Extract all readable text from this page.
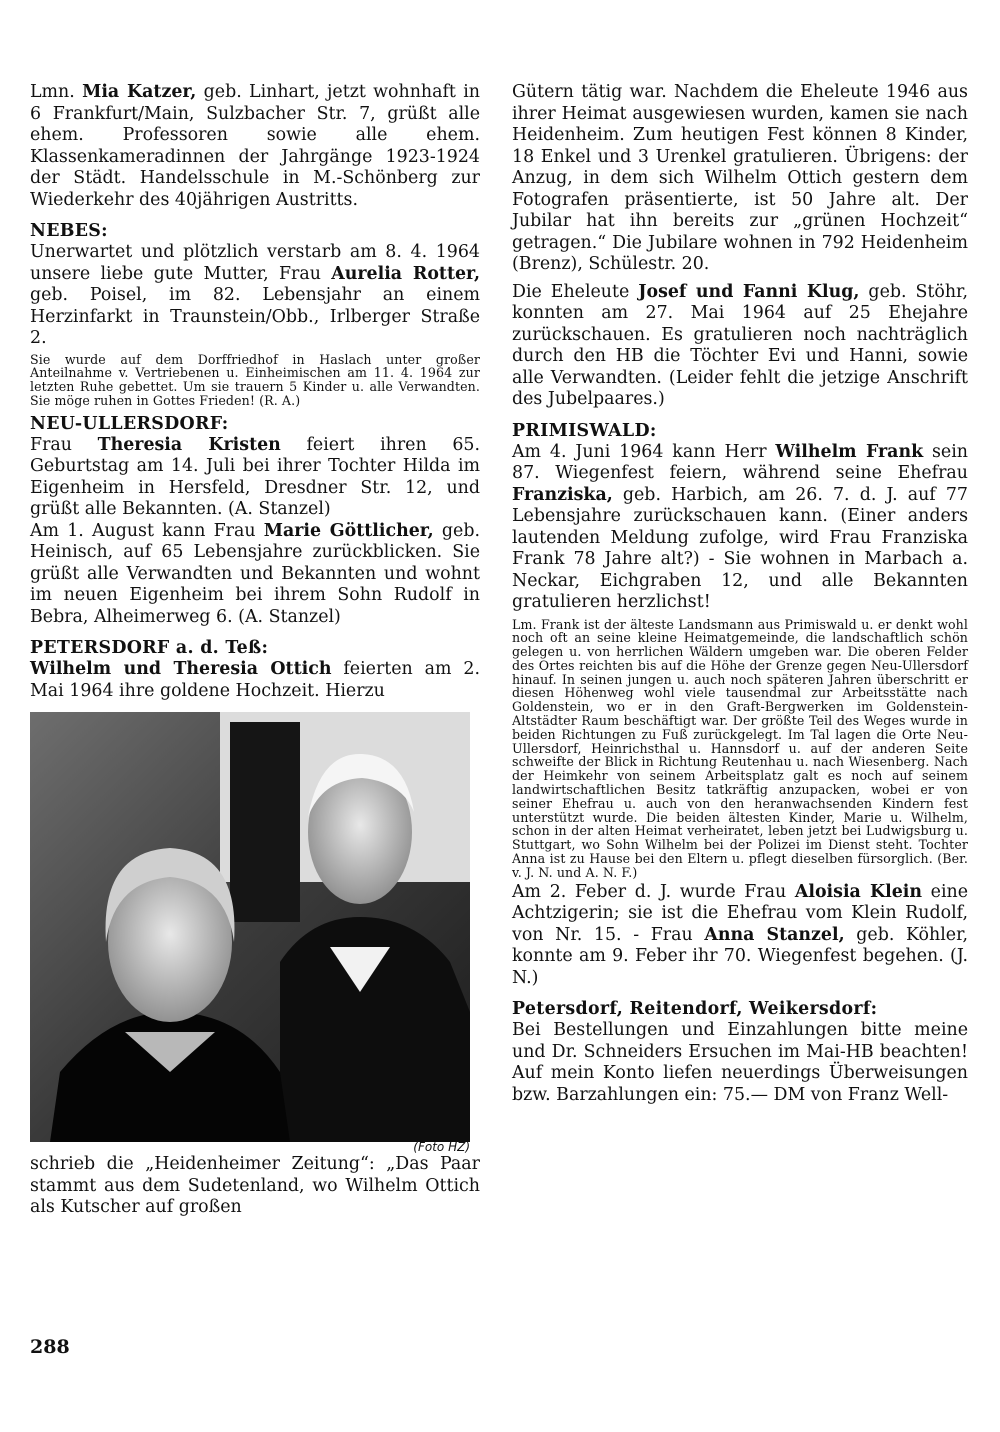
Lmn. Mia Katzer, geb. Linhart, jetzt wohnhaft in 6 Frankfurt/Main, Sulzbacher Str. 7, grüßt alle ehem. Professoren sowie alle ehem. Klassenkameradinnen der Jahrgänge 1923-1924 der Städt. Handelsschule in M.-Schönberg zur Wiederkehr des 40jährigen Austritts.

NEBES:

Unerwartet und plötzlich verstarb am 8. 4. 1964 unsere liebe gute Mutter, Frau Aurelia Rotter, geb. Poisel, im 82. Lebensjahr an einem Herzinfarkt in Traunstein/Obb., Irlberger Straße 2.

Sie wurde auf dem Dorffriedhof in Haslach unter großer Anteilnahme v. Vertriebenen u. Einheimischen am 11. 4. 1964 zur letzten Ruhe gebettet. Um sie trauern 5 Kinder u. alle Verwandten. Sie möge ruhen in Gottes Frieden! (R. A.)

NEU-ULLERSDORF:

Frau Theresia Kristen feiert ihren 65. Geburtstag am 14. Juli bei ihrer Tochter Hilda im Eigenheim in Hersfeld, Dresdner Str. 12, und grüßt alle Bekannten. (A. Stanzel)

Am 1. August kann Frau Marie Göttlicher, geb. Heinisch, auf 65 Lebensjahre zurückblicken. Sie grüßt alle Verwandten und Bekannten und wohnt im neuen Eigenheim bei ihrem Sohn Rudolf in Bebra, Alheimerweg 6. (A. Stanzel)

PETERSDORF a. d. Teß:

Wilhelm und Theresia Ottich feierten am 2. Mai 1964 ihre goldene Hochzeit. Hierzu

(Foto HZ)

schrieb die „Heidenheimer Zeitung“: „Das Paar stammt aus dem Sudetenland, wo Wilhelm Ottich als Kutscher auf großen

Gütern tätig war. Nachdem die Eheleute 1946 aus ihrer Heimat ausgewiesen wurden, kamen sie nach Heidenheim. Zum heutigen Fest können 8 Kinder, 18 Enkel und 3 Urenkel gratulieren. Übrigens: der Anzug, in dem sich Wilhelm Ottich gestern dem Fotografen präsentierte, ist 50 Jahre alt. Der Jubilar hat ihn bereits zur „grünen Hochzeit“ getragen.“ Die Jubilare wohnen in 792 Heidenheim (Brenz), Schülestr. 20.

Die Eheleute Josef und Fanni Klug, geb. Stöhr, konnten am 27. Mai 1964 auf 25 Ehejahre zurückschauen. Es gratulieren noch nachträglich durch den HB die Töchter Evi und Hanni, sowie alle Verwandten. (Leider fehlt die jetzige Anschrift des Jubelpaares.)

PRIMISWALD:

Am 4. Juni 1964 kann Herr Wilhelm Frank sein 87. Wiegenfest feiern, während seine Ehefrau Franziska, geb. Harbich, am 26. 7. d. J. auf 77 Lebensjahre zurückschauen kann. (Einer anders lautenden Meldung zufolge, wird Frau Franziska Frank 78 Jahre alt?) - Sie wohnen in Marbach a. Neckar, Eichgraben 12, und alle Bekannten gratulieren herzlichst!

Lm. Frank ist der älteste Landsmann aus Primiswald u. er denkt wohl noch oft an seine kleine Heimatgemeinde, die landschaftlich schön gelegen u. von herrlichen Wäldern umgeben war. Die oberen Felder des Ortes reichten bis auf die Höhe der Grenze gegen Neu-Ullersdorf hinauf. In seinen jungen u. auch noch späteren Jahren überschritt er diesen Höhenweg wohl viele tausendmal zur Arbeitsstätte nach Goldenstein, wo er in den Graft-Bergwerken im Goldenstein-Altstädter Raum beschäftigt war. Der größte Teil des Weges wurde in beiden Richtungen zu Fuß zurückgelegt. Im Tal lagen die Orte Neu-Ullersdorf, Heinrichsthal u. Hannsdorf u. auf der anderen Seite schweifte der Blick in Richtung Reutenhau u. nach Wiesenberg. Nach der Heimkehr von seinem Arbeitsplatz galt es noch auf seinem landwirtschaftlichen Besitz tatkräftig anzupacken, wobei er von seiner Ehefrau u. auch von den heranwachsenden Kindern fest unterstützt wurde. Die beiden ältesten Kinder, Marie u. Wilhelm, schon in der alten Heimat verheiratet, leben jetzt bei Ludwigsburg u. Stuttgart, wo Sohn Wilhelm bei der Polizei im Dienst steht. Tochter Anna ist zu Hause bei den Eltern u. pflegt dieselben fürsorglich. (Ber. v. J. N. und A. N. F.)

Am 2. Feber d. J. wurde Frau Aloisia Klein eine Achtzigerin; sie ist die Ehefrau vom Klein Rudolf, von Nr. 15. - Frau Anna Stanzel, geb. Köhler, konnte am 9. Feber ihr 70. Wiegenfest begehen. (J. N.)

Petersdorf, Reitendorf, Weikersdorf:

Bei Bestellungen und Einzahlungen bitte meine und Dr. Schneiders Ersuchen im Mai-HB beachten! Auf mein Konto liefen neuerdings Überweisungen bzw. Barzahlungen ein: 75.— DM von Franz Well-

288
